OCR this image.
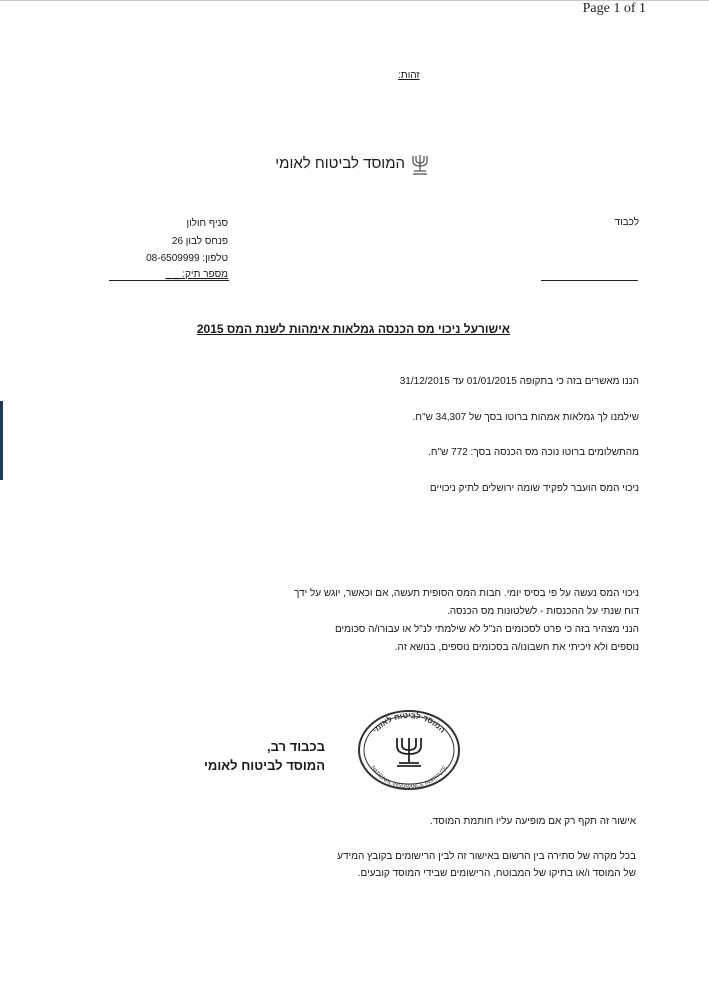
Page 1 of 1
זהות:
המוסד לביטוח לאומי
לכבוד
סניף חולון
פנחס לבון 26
טלפון: 08-6509999
מספר תיק: _ _
אישורעל ניכוי מס הכנסה גמלאות אימהות לשנת המס 2015
הננו מאשרים בזה כי בתקופה 01/01/2015 עד 31/12/2015
שילמנו לך גמלאות אמהות ברוטו בסך של 34,307 ש"ח.
מהתשלומים ברוטו נוכה מס הכנסה בסך: 772 ש"ח.
ניכוי המס הועבר לפקיד שומה ירושלים לתיק ניכויים
ניכוי המס נעשה על פי בסיס יומי. חבות המס הסופית תעשה, אם וכאשר, יוגש על ידך
דוח שנתי על ההכנסות - לשלטונות מס הכנסה.
הנני מצהיר בזה כי פרט לסכומים הנ"ל לא שילמתי לנ"ל או עבורו/ה סכומים
נוספים ולא זיכיתי את חשבונו/ה בסכומים נוספים, בנושא זה.
בכבוד רב,
המוסד לביטוח לאומי
המוסד לביטוח לאומי
NATIONAL INSURANCE INSTITUTE
אישור זה תקף רק אם מופיעה עליו חותמת המוסד.
בכל מקרה של סתירה בין הרשום באישור זה לבין הרישומים בקובץ המידע
של המוסד ו/או בתיקו של המבוטח, הרישומים שבידי המוסד קובעים.
